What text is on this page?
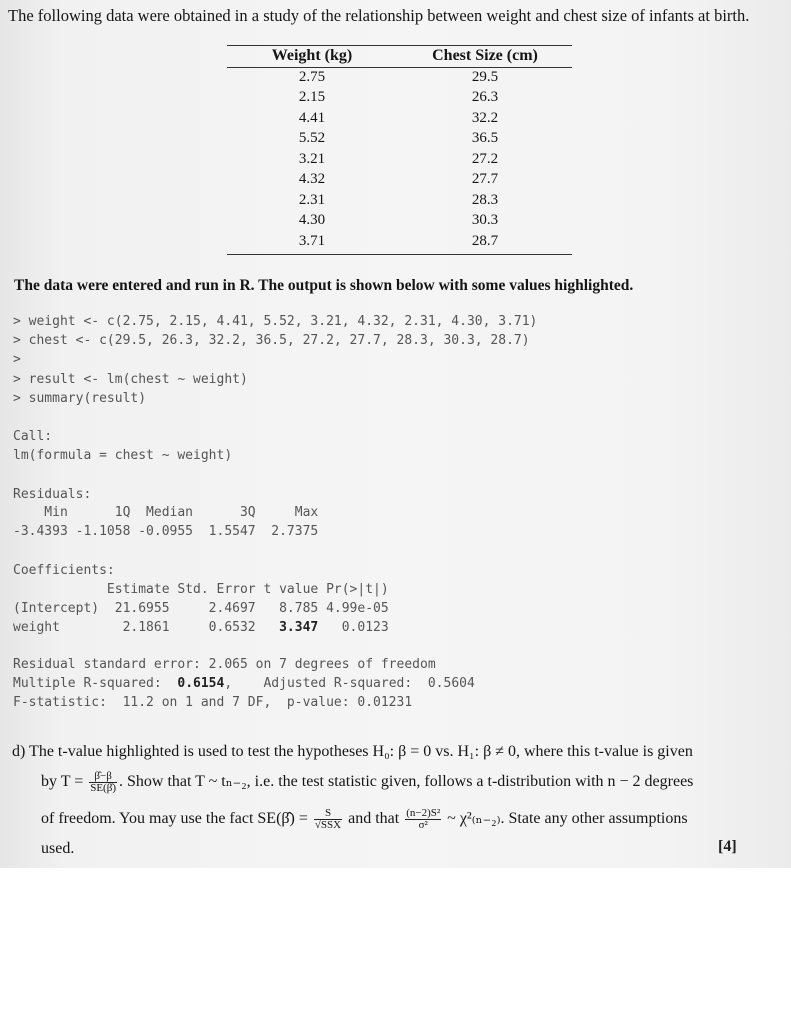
The following data were obtained in a study of the relationship between weight and chest size of infants at birth.
Weight (kg)
2.75
2.15
4.41
5.52
3.21
4.32
2.31
4.30
3.71
Chest Size (cm)
29.5
26.3
32.2
36.5
27.2
27.7
28.3
30.3
28.7
The data were entered and run in R. The output is shown below with some values highlighted.
> weight <- c(2.75, 2.15, 4.41, 5.52, 3.21, 4.32, 2.31, 4.30, 3.71)
> chest <- c(29.5, 26.3, 32.2, 36.5, 27.2, 27.7, 28.3, 30.3, 28.7)
>
> result <- lm(chest ~ weight)
> summary(result)
Call:
lm(formula = chest ~ weight)
Residuals:
Min      1Q  Median      3Q     Max
-3.4393 -1.1058 -0.0955  1.5547  2.7375
Coefficients:
Estimate Std. Error t value Pr(>|t|)
(Intercept)  21.6955     2.4697   8.785 4.99e-05
weight        2.1861     0.6532   3.347   0.0123
Residual standard error: 2.065 on 7 degrees of freedom
Multiple R-squared:  0.6154,    Adjusted R-squared:  0.5604
F-statistic:  11.2 on 1 and 7 DF,  p-value: 0.01231
d) The t-value highlighted is used to test the hypotheses H₀: β = 0 vs. H₁: β ≠ 0, where this t-value is given
by $T = \frac{\betâ-\beta}{SE(\betâ)}$ . Show that T ~ tₙ₋₂, i.e. the test statistic given, follows a t-distribution with n − 2 degrees
of freedom. You may use the fact SE(β̂) = $\frac{S}{\text{√SSX}}$ and that $\frac{\text{(n−2)S²}}{\text{σ²}}$ ~ χ²₍ₙ₋₂₎. State any other assumptions
used.	[4]
